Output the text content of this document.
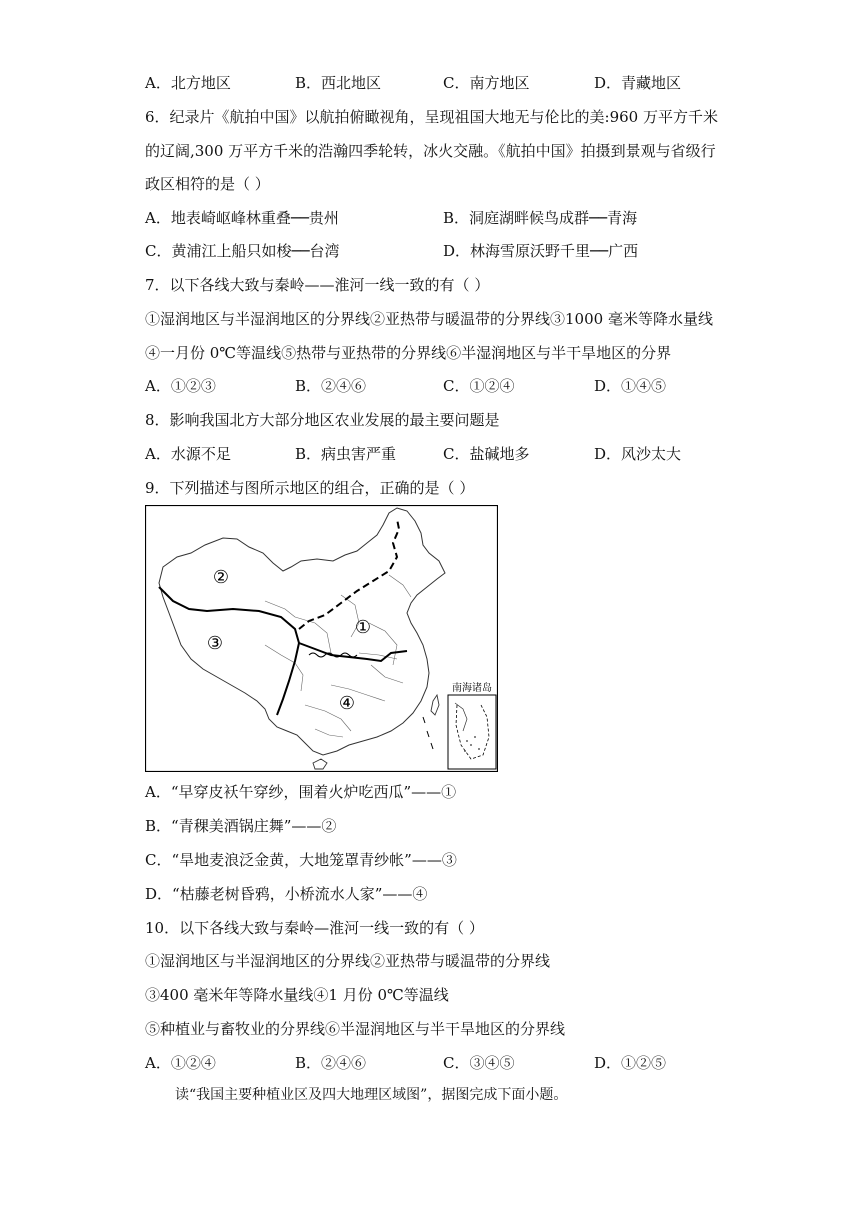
A．北方地区	B．西北地区	C．南方地区	D．青藏地区
6．纪录片《航拍中国》以航拍俯瞰视角，呈现祖国大地无与伦比的美:960 万平方千米
的辽阔,300 万平方千米的浩瀚四季轮转，冰火交融。《航拍中国》拍摄到景观与省级行
政区相符的是（ ）
A．地表崎岖峰林重叠──贵州	B．洞庭湖畔候鸟成群──青海
C．黄浦江上船只如梭──台湾	D．林海雪原沃野千里──广西
7．以下各线大致与秦岭——淮河一线一致的有（ ）
①湿润地区与半湿润地区的分界线②亚热带与暖温带的分界线③1000 毫米等降水量线
④一月份 0℃等温线⑤热带与亚热带的分界线⑥半湿润地区与半干旱地区的分界
A．①②③	B．②④⑥	C．①②④	D．①④⑤
8．影响我国北方大部分地区农业发展的最主要问题是
A．水源不足	B．病虫害严重	C．盐碱地多	D．风沙太大
9．下列描述与图所示地区的组合，正确的是（ ）
①
②
③
④
南海诸岛
A．“早穿皮袄午穿纱，围着火炉吃西瓜”——①
B．“青稞美酒锅庄舞”——②
C．“旱地麦浪泛金黄，大地笼罩青纱帐”——③
D．“枯藤老树昏鸦，小桥流水人家”——④
10．以下各线大致与秦岭—淮河一线一致的有（ ）
①湿润地区与半湿润地区的分界线②亚热带与暖温带的分界线
③400 毫米年等降水量线④1 月份 0℃等温线
⑤种植业与畜牧业的分界线⑥半湿润地区与半干旱地区的分界线
A．①②④	B．②④⑥	C．③④⑤	D．①②⑤
读“我国主要种植业区及四大地理区域图”，据图完成下面小题。
